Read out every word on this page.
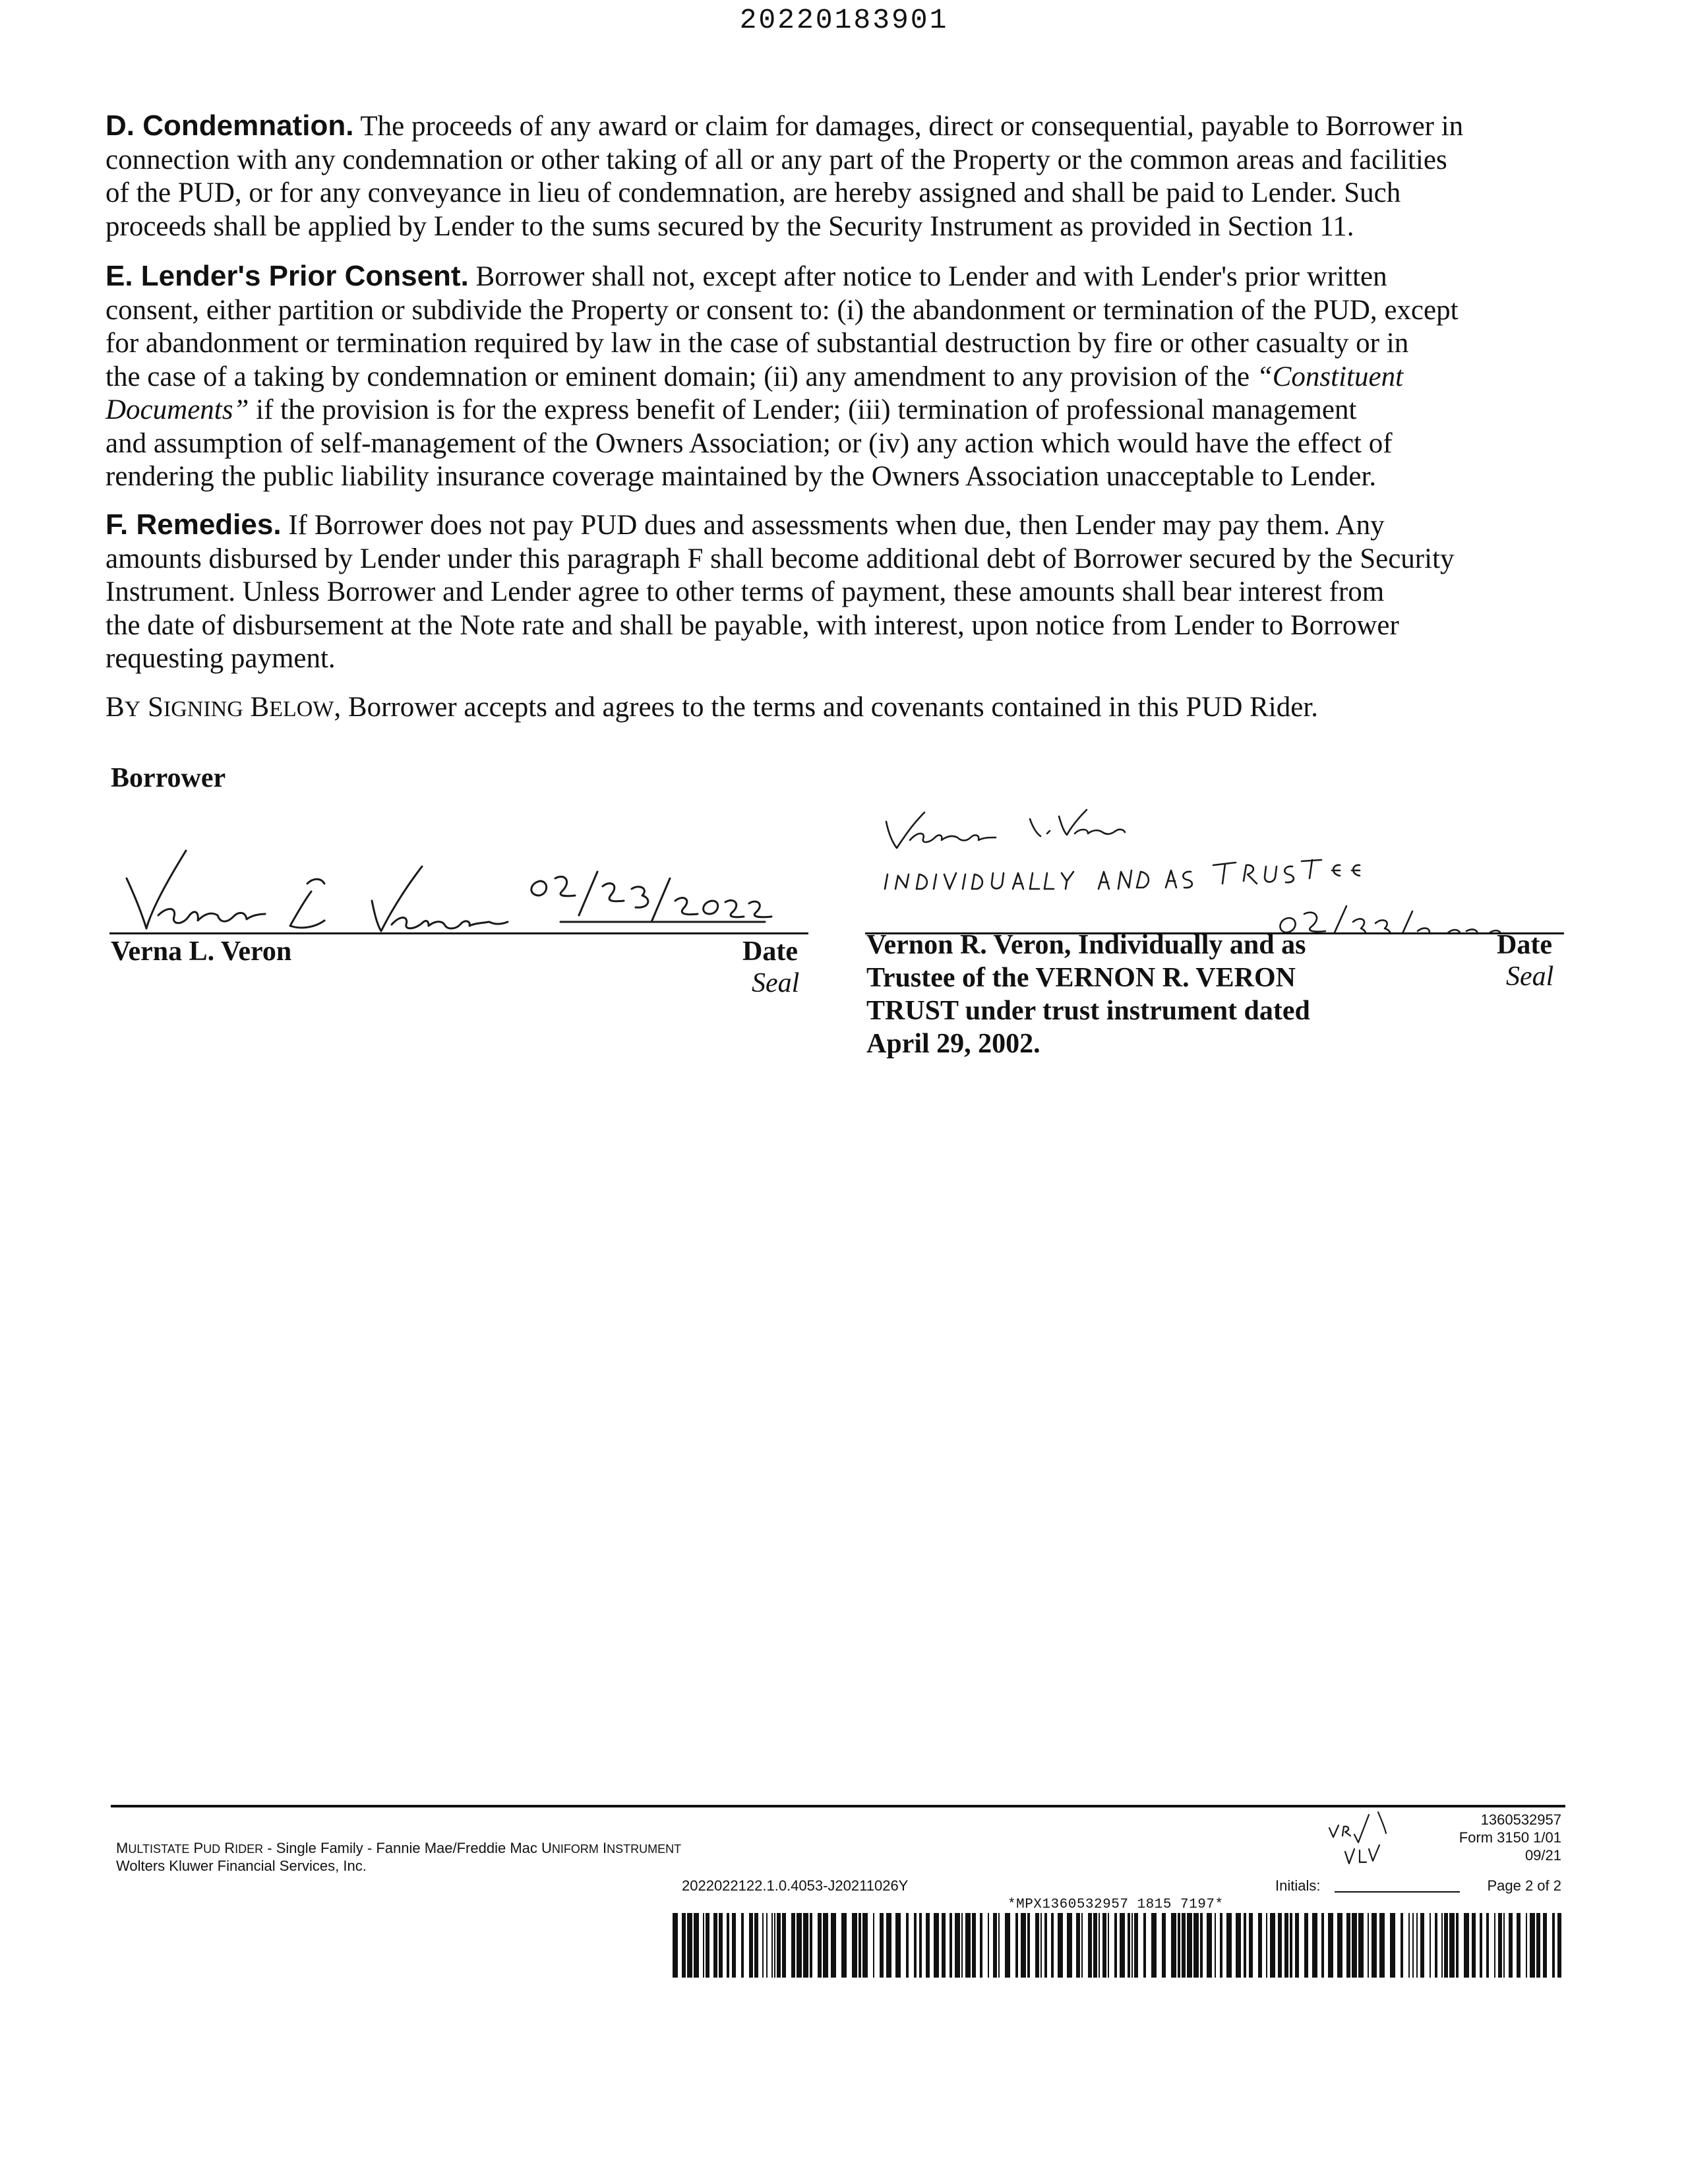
20220183901
D. Condemnation. The proceeds of any award or claim for damages, direct or consequential, payable to Borrower in
connection with any condemnation or other taking of all or any part of the Property or the common areas and facilities
of the PUD, or for any conveyance in lieu of condemnation, are hereby assigned and shall be paid to Lender. Such
proceeds shall be applied by Lender to the sums secured by the Security Instrument as provided in Section 11.
E. Lender's Prior Consent. Borrower shall not, except after notice to Lender and with Lender's prior written
consent, either partition or subdivide the Property or consent to: (i) the abandonment or termination of the PUD, except
for abandonment or termination required by law in the case of substantial destruction by fire or other casualty or in
the case of a taking by condemnation or eminent domain; (ii) any amendment to any provision of the “Constituent
Documents” if the provision is for the express benefit of Lender; (iii) termination of professional management
and assumption of self-management of the Owners Association; or (iv) any action which would have the effect of
rendering the public liability insurance coverage maintained by the Owners Association unacceptable to Lender.
F. Remedies. If Borrower does not pay PUD dues and assessments when due, then Lender may pay them. Any
amounts disbursed by Lender under this paragraph F shall become additional debt of Borrower secured by the Security
Instrument. Unless Borrower and Lender agree to other terms of payment, these amounts shall bear interest from
the date of disbursement at the Note rate and shall be payable, with interest, upon notice from Lender to Borrower
requesting payment.
BY SIGNING BELOW, Borrower accepts and agrees to the terms and covenants contained in this PUD Rider.
Borrower
Verna L. Veron	Date
Seal
Vernon R. Veron, Individually and as
Trustee of the VERNON R. VERON
TRUST under trust instrument dated
April 29, 2002.
Date
Seal
MULTISTATE PUD RIDER - Single Family - Fannie Mae/Freddie Mac UNIFORM INSTRUMENT
Wolters Kluwer Financial Services, Inc.
2022022122.1.0.4053-J20211026Y
1360532957
Form 3150 1/01
09/21
Page 2 of 2
Initials:
*MPX1360532957 1815 7197*
